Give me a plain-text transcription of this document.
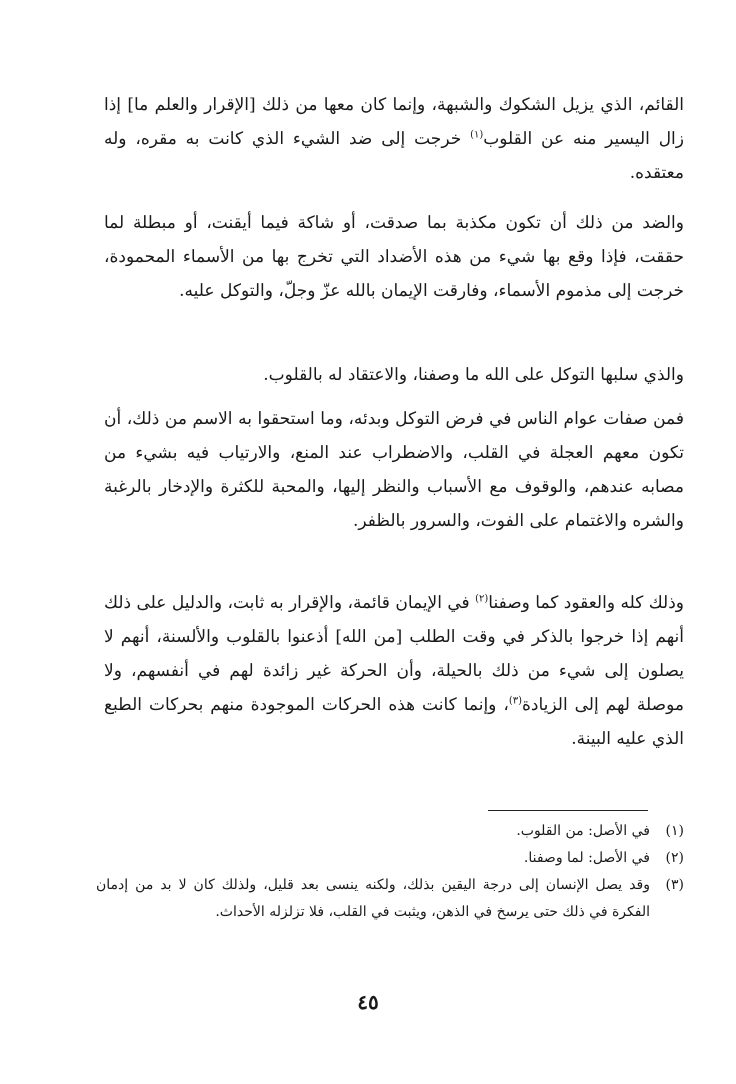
القائم، الذي يزيل الشكوك والشبهة، وإنما كان معها من ذلك [الإقرار والعلم ما] إذا زال اليسير منه عن القلوب$^{(١)}$ خرجت إلى ضد الشيء الذي كانت به مقره، وله معتقده.

والضد من ذلك أن تكون مكذبة بما صدقت، أو شاكة فيما أيقنت، أو مبطلة لما حققت، فإذا وقع بها شيء من هذه الأضداد التي تخرج بها من الأسماء المحمودة، خرجت إلى مذموم الأسماء، وفارقت الإيمان بالله عزّ وجلّ، والتوكل عليه.

والذي سلبها التوكل على الله ما وصفنا، والاعتقاد له بالقلوب.

فمن صفات عوام الناس في فرض التوكل وبدئه، وما استحقوا به الاسم من ذلك، أن تكون معهم العجلة في القلب، والاضطراب عند المنع، والارتياب فيه بشيء من مصابه عندهم، والوقوف مع الأسباب والنظر إليها، والمحبة للكثرة والإدخار بالرغبة والشره والاغتمام على الفوت، والسرور بالظفر.

وذلك كله والعقود كما وصفنا$^{(٢)}$ في الإيمان قائمة، والإقرار به ثابت، والدليل على ذلك أنهم إذا خرجوا بالذكر في وقت الطلب [من الله] أذعنوا بالقلوب والألسنة، أنهم لا يصلون إلى شيء من ذلك بالحيلة، وأن الحركة غير زائدة لهم في أنفسهم، ولا موصلة لهم إلى الزيادة$^{(٣)}$، وإنما كانت هذه الحركات الموجودة منهم بحركات الطبع الذي عليه البينة.

(١)
في الأصل: من القلوب.
(٢)
في الأصل: لما وصفنا.
(٣)
وقد يصل الإنسان إلى درجة اليقين بذلك، ولكنه ينسى بعد قليل، ولذلك كان لا بد من إدمان الفكرة في ذلك حتى يرسخ في الذهن، ويثبت في القلب، فلا تزلزله الأحداث.
٤٥
